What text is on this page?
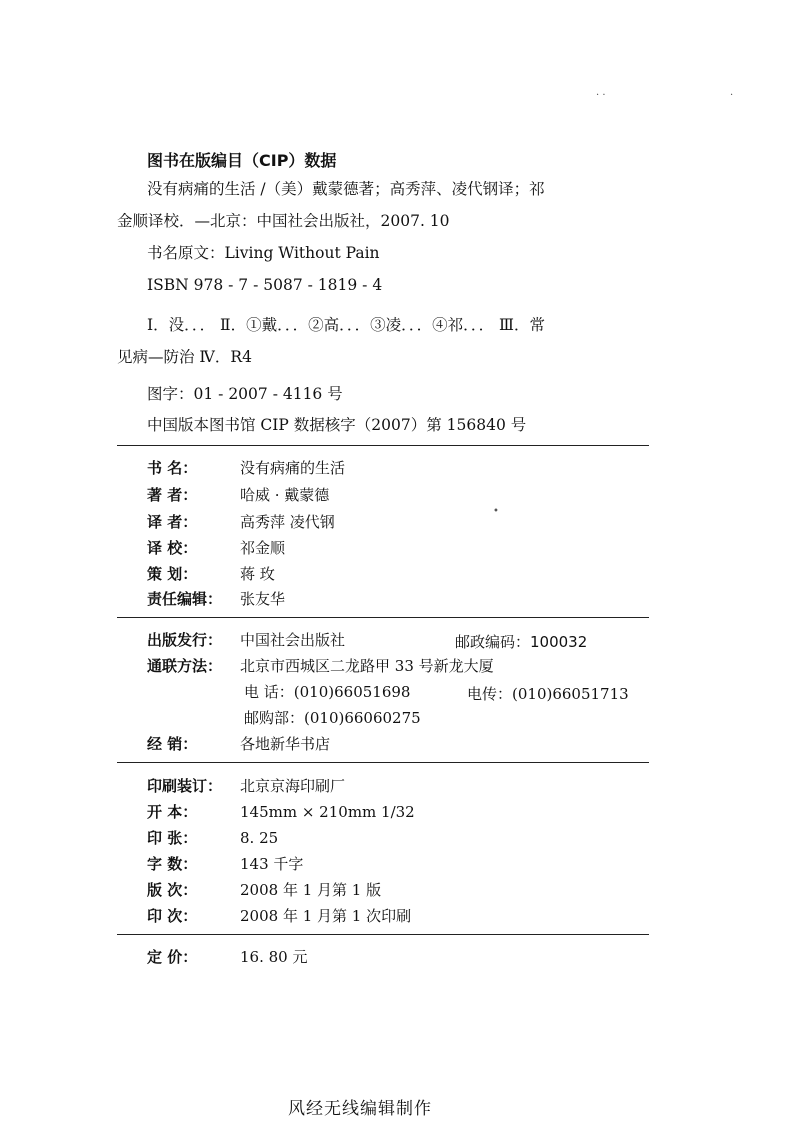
· ·	·
•
图书在版编目（CIP）数据
没有病痛的生活 /（美）戴蒙德著；高秀萍、凌代钢译；祁
金顺译校．—北京：中国社会出版社，2007. 10
书名原文：Living Without Pain
ISBN 978 - 7 - 5087 - 1819 - 4
Ⅰ．没．．． Ⅱ．①戴．．．②高．．．③凌．．．④祁．．． Ⅲ．常
见病—防治 Ⅳ．R4
图字：01 - 2007 - 4116 号
中国版本图书馆 CIP 数据核字（2007）第 156840 号
书 名：	没有病痛的生活
著 者：	哈威 · 戴蒙德
译 者：	高秀萍 凌代钢
译 校：	祁金顺
策 划：	蒋 玫
责任编辑：	张友华
出版发行：	中国社会出版社	邮政编码：100032
通联方法：	北京市西城区二龙路甲 33 号新龙大厦
电 话：(010)66051698	电传：(010)66051713
邮购部：(010)66060275
经 销：	各地新华书店
印刷装订：	北京京海印刷厂
开 本：	145mm × 210mm 1/32
印 张：	8. 25
字 数：	143 千字
版 次：	2008 年 1 月第 1 版
印 次：	2008 年 1 月第 1 次印刷
定 价：	16. 80 元
风经无线编辑制作
